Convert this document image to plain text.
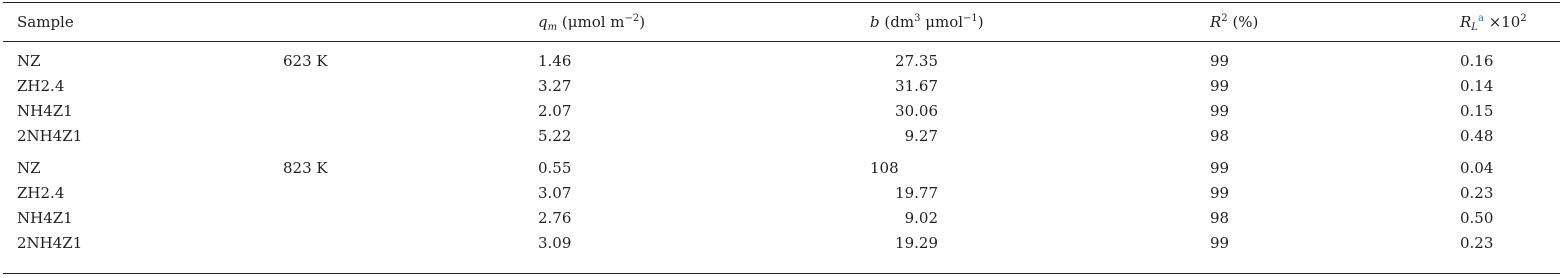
Sample	$q_m$ (μmol $m^{-2}$)	b ($dm^3$ μmol$^{-1}$)	$R^2$ (%)	$R_L^a \times 10^2$
623 K
NZ	1.46	27.35	99	0.16
ZH2.4	3.27	31.67	99	0.14
NH4Z1	2.07	30.06	99	0.15
2NH4Z1	5.22	9.27	98	0.48
823 K
NZ	0.55	108	99	0.04
ZH2.4	3.07	19.77	99	0.23
NH4Z1	2.76	9.02	98	0.50
2NH4Z1	3.09	19.29	99	0.23
